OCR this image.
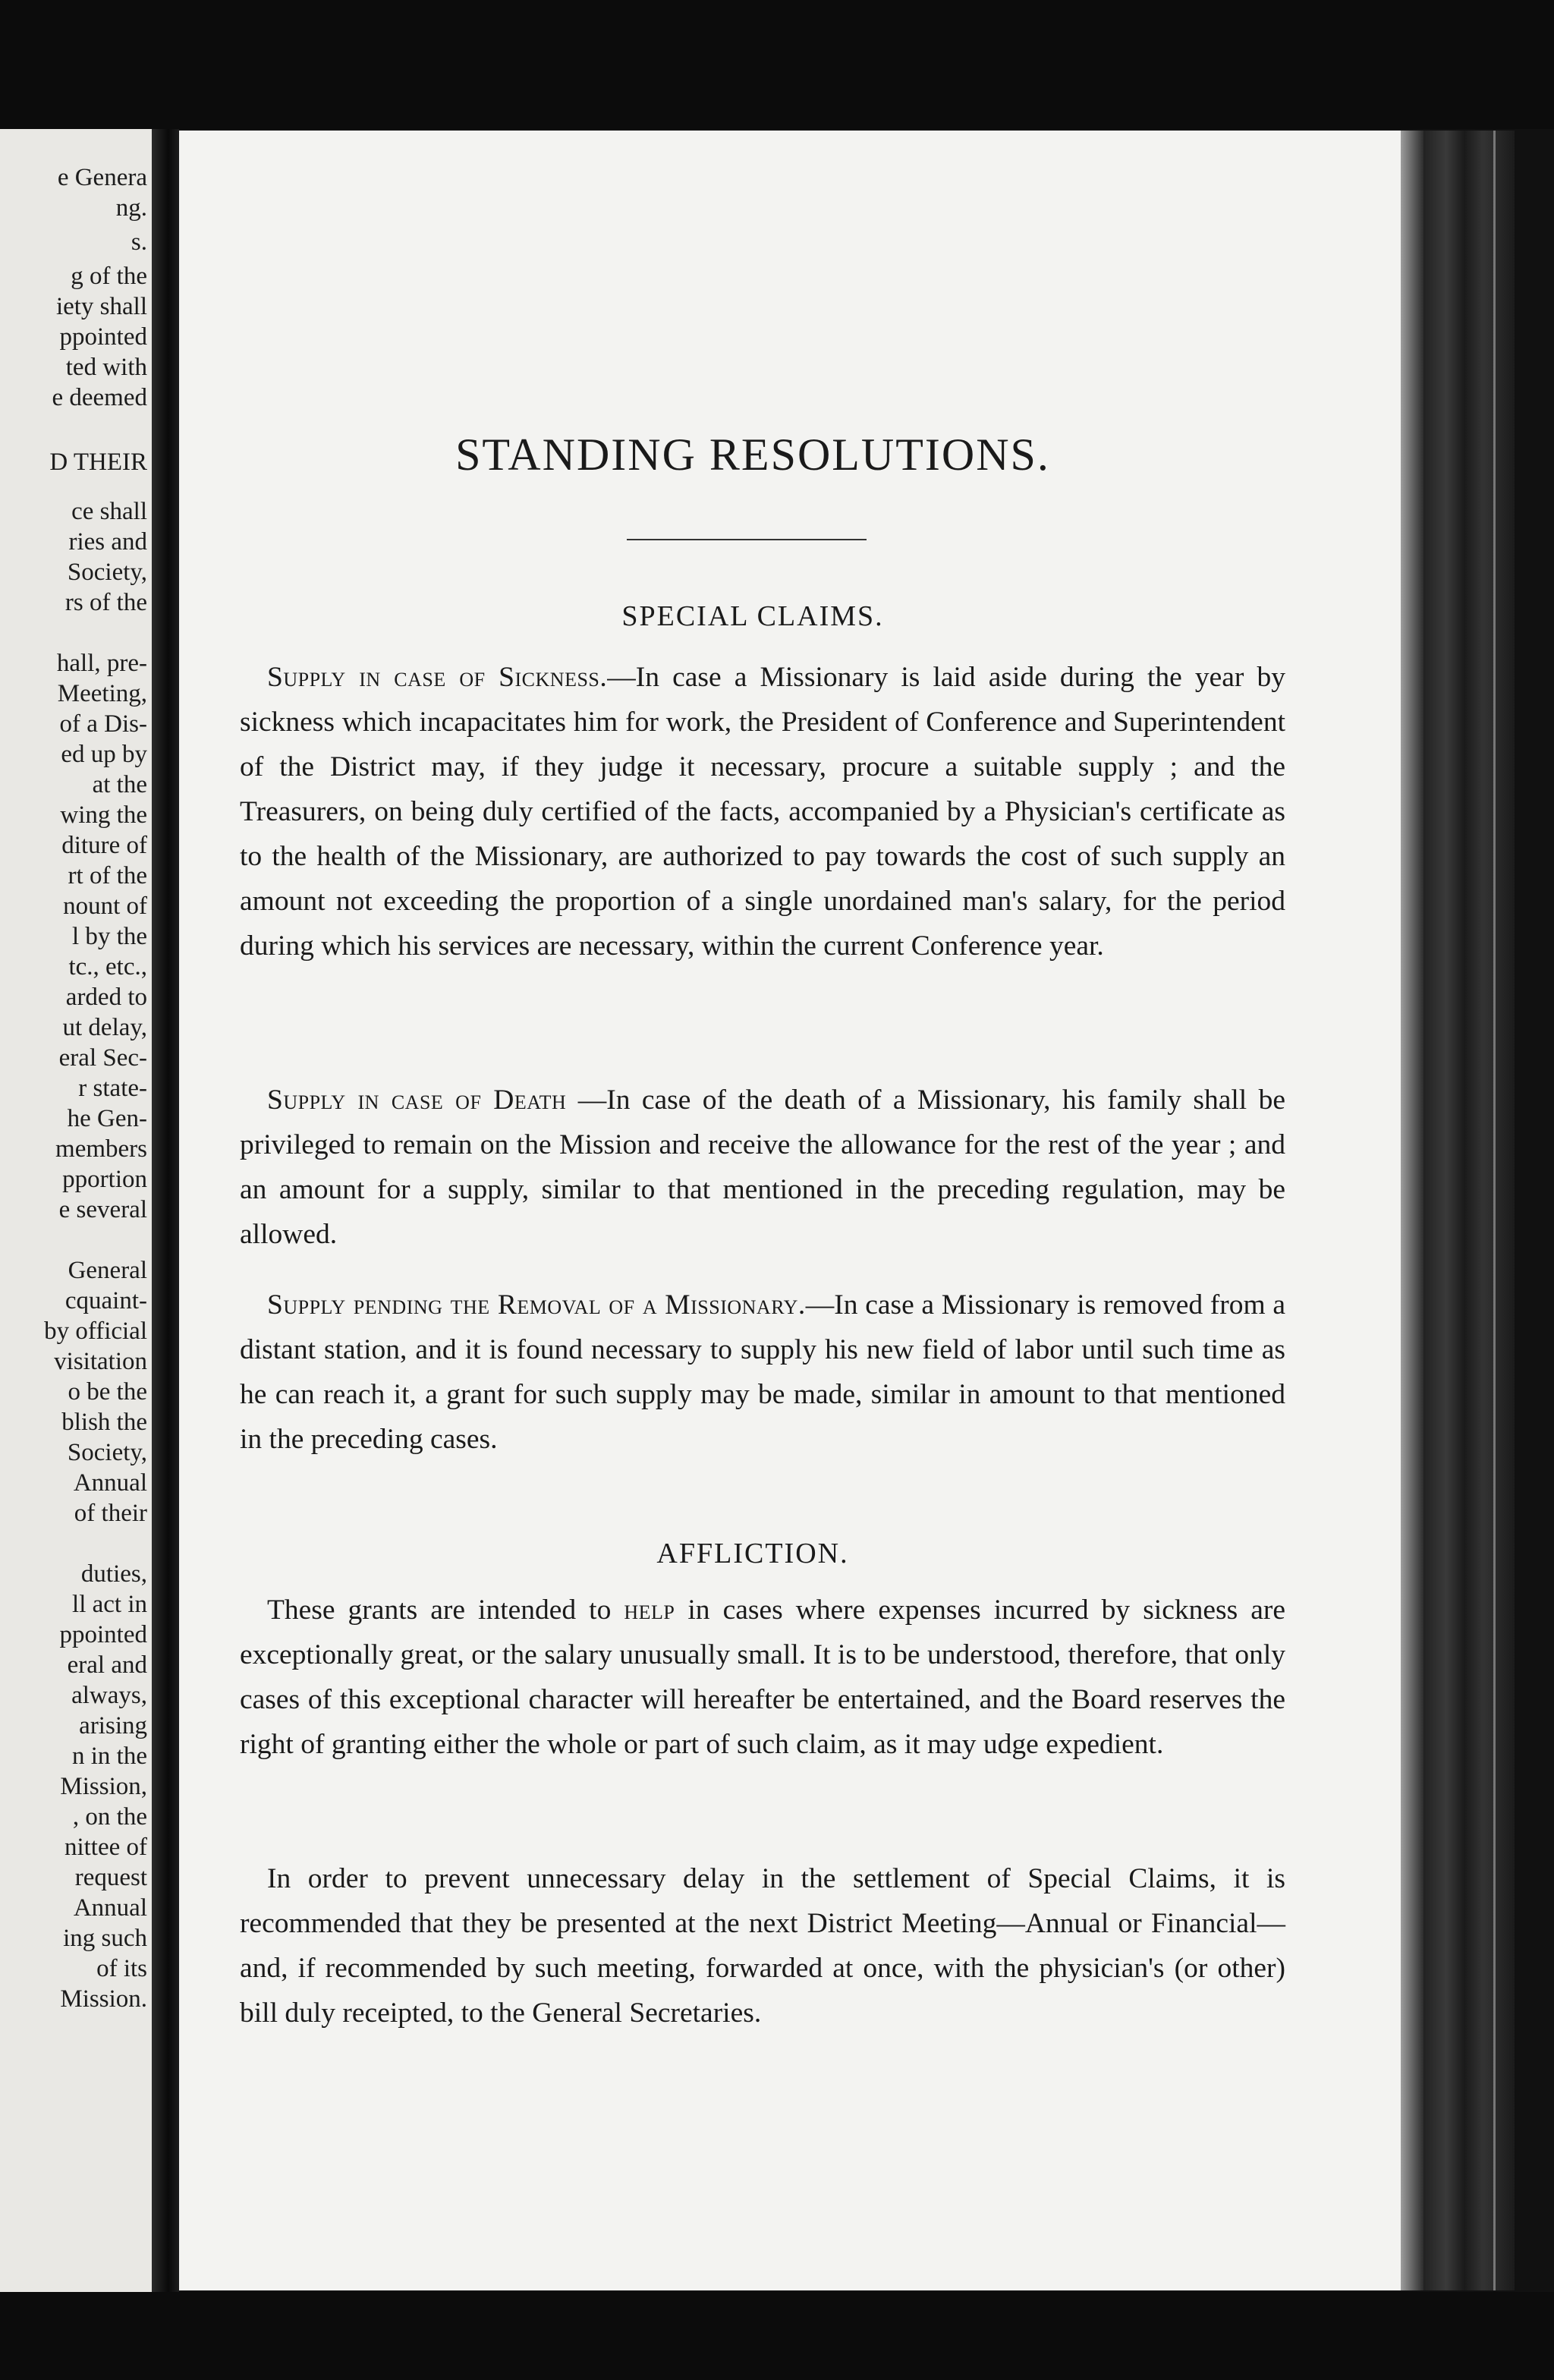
e Genera

ng.

s.

g of the

iety shall

ppointed

ted with

e deemed

D THEIR

ce shall

ries and

Society,

rs of the

hall, pre-

Meeting,

of a Dis-

ed up by

at the

wing the

diture of

rt of the

nount of

l by the

tc., etc.,

arded to

ut delay,

eral Sec-

r state-

he Gen-

members

pportion

e several

General

cquaint-

by official

visitation

o be the

blish the

Society,

Annual

of their

duties,

ll act in

ppointed

eral and

always,

arising

n in the

Mission,

, on the

nittee of

request

Annual

ing such

of its

Mission.

STANDING RESOLUTIONS.
SPECIAL CLAIMS.

Supply in case of Sickness.—In case a Missionary is laid aside during the year by sickness which incapacitates him for work, the President of Conference and Superintendent of the District may, if they judge it necessary, procure a suitable supply ; and the Treasurers, on being duly certified of the facts, accompanied by a Physician's certificate as to the health of the Missionary, are authorized to pay towards the cost of such supply an amount not exceeding the proportion of a single unordained man's salary, for the period during which his services are necessary, within the current Conference year.

Supply in case of Death —In case of the death of a Missionary, his family shall be privileged to remain on the Mission and receive the allowance for the rest of the year ; and an amount for a supply, similar to that mentioned in the preceding regulation, may be allowed.

Supply pending the Removal of a Missionary.—In case a Missionary is removed from a distant station, and it is found necessary to supply his new field of labor until such time as he can reach it, a grant for such supply may be made, similar in amount to that mentioned in the preceding cases.

AFFLICTION.

These grants are intended to help in cases where expenses incurred by sickness are exceptionally great, or the salary unusually small. It is to be understood, therefore, that only cases of this exceptional character will hereafter be entertained, and the Board reserves the right of granting either the whole or part of such claim, as it may udge expedient.

In order to prevent unnecessary delay in the settlement of Special Claims, it is recommended that they be presented at the next District Meeting—Annual or Financial—and, if recommended by such meeting, forwarded at once, with the physician's (or other) bill duly receipted, to the General Secretaries.
